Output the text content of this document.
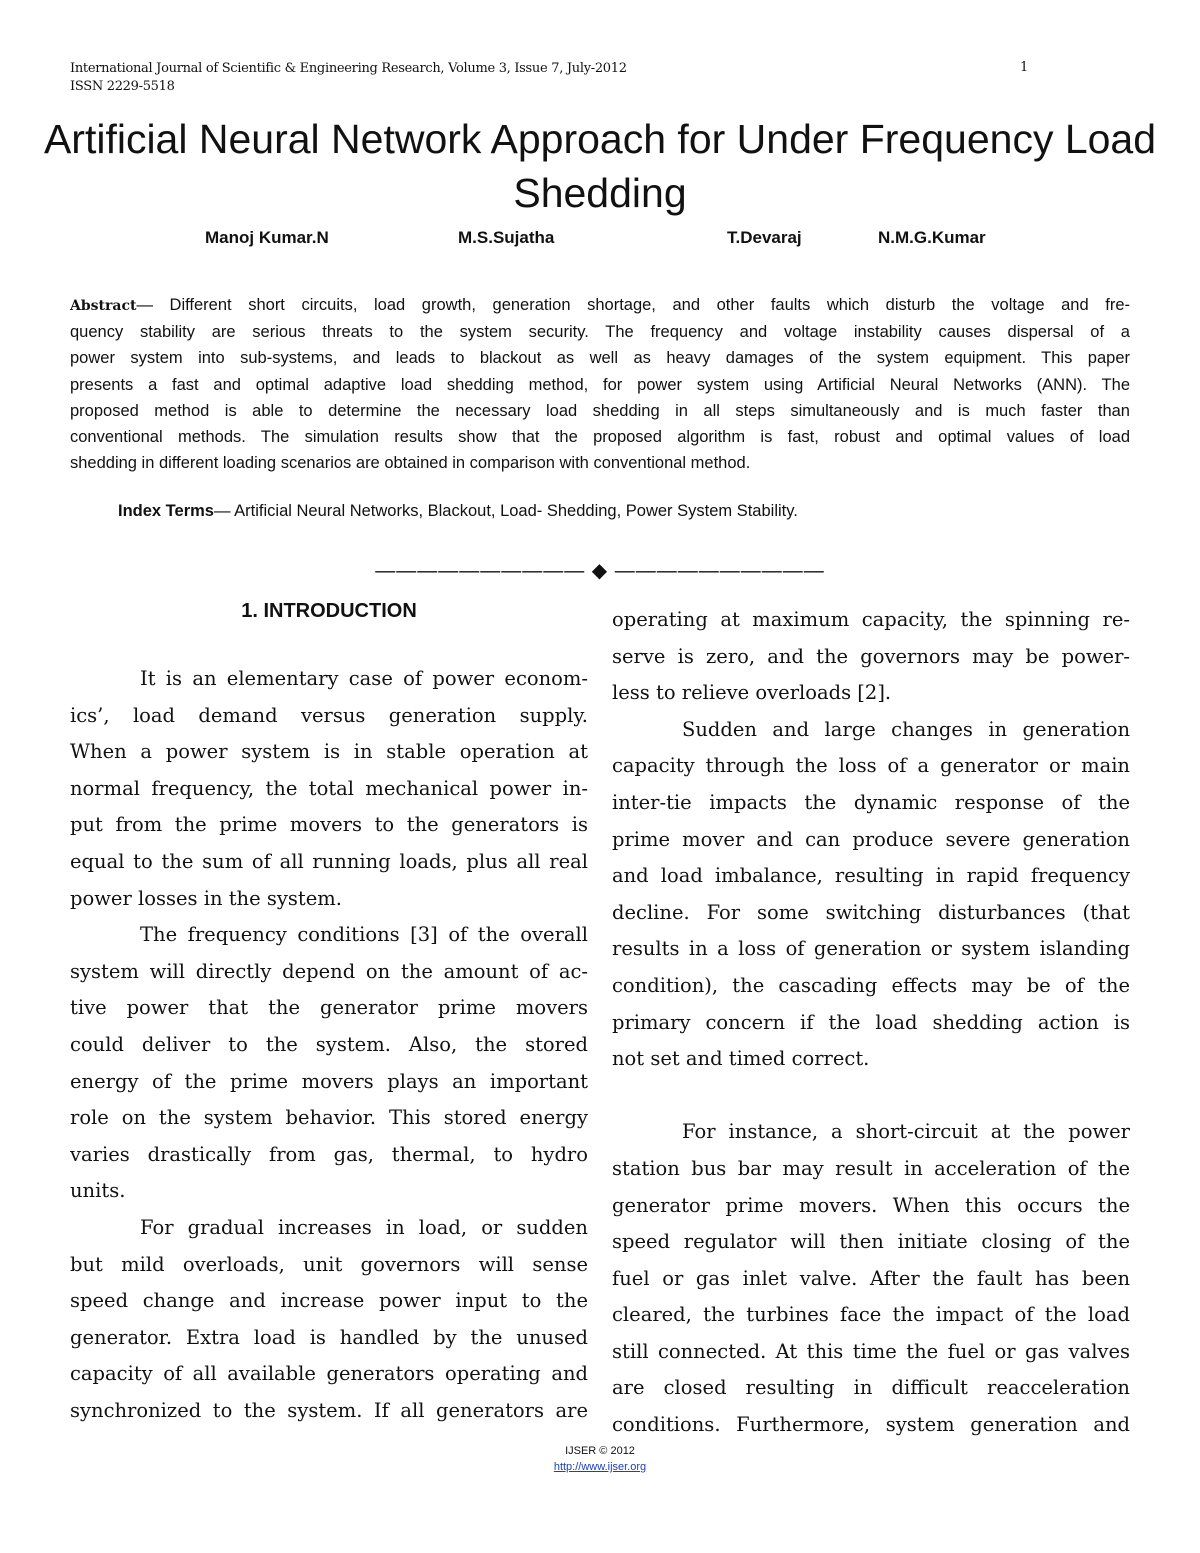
International Journal of Scientific & Engineering Research, Volume 3, Issue 7, July-2012
ISSN 2229-5518
1
Artificial Neural Network Approach for Under Frequency Load Shedding
Manoj Kumar.N	M.S.Sujatha	T.Devaraj	N.M.G.Kumar
Abstract— Different short circuits, load growth, generation shortage, and other faults which disturb the voltage and fre-
quency stability are serious threats to the system security. The frequency and voltage instability causes dispersal of a
power system into sub-systems, and leads to blackout as well as heavy damages of the system equipment. This paper
presents a fast and optimal adaptive load shedding method, for power system using Artificial Neural Networks (ANN). The
proposed method is able to determine the necessary load shedding in all steps simultaneously and is much faster than
conventional methods. The simulation results show that the proposed algorithm is fast, robust and optimal values of load
shedding in different loading scenarios are obtained in comparison with conventional method.
Index Terms— Artificial Neural Networks, Blackout, Load- Shedding, Power System Stability.
—————————— ◆ ——————————
1. INTRODUCTION
It is an elementary case of power econom-
ics’, load demand versus generation supply.
When a power system is in stable operation at
normal frequency, the total mechanical power in-
put from the prime movers to the generators is
equal to the sum of all running loads, plus all real
power losses in the system.
The frequency conditions [3] of the overall
system will directly depend on the amount of ac-
tive power that the generator prime movers
could deliver to the system. Also, the stored
energy of the prime movers plays an important
role on the system behavior. This stored energy
varies drastically from gas, thermal, to hydro
units.
For gradual increases in load, or sudden
but mild overloads, unit governors will sense
speed change and increase power input to the
generator. Extra load is handled by the unused
capacity of all available generators operating and
synchronized to the system. If all generators are
operating at maximum capacity, the spinning re-
serve is zero, and the governors may be power-
less to relieve overloads [2].
Sudden and large changes in generation
capacity through the loss of a generator or main
inter-tie impacts the dynamic response of the
prime mover and can produce severe generation
and load imbalance, resulting in rapid frequency
decline. For some switching disturbances (that
results in a loss of generation or system islanding
condition), the cascading effects may be of the
primary concern if the load shedding action is
not set and timed correct.
For instance, a short-circuit at the power
station bus bar may result in acceleration of the
generator prime movers. When this occurs the
speed regulator will then initiate closing of the
fuel or gas inlet valve. After the fault has been
cleared, the turbines face the impact of the load
still connected. At this time the fuel or gas valves
are closed resulting in difficult reacceleration
conditions. Furthermore, system generation and
IJSER © 2012
http://www.ijser.org
